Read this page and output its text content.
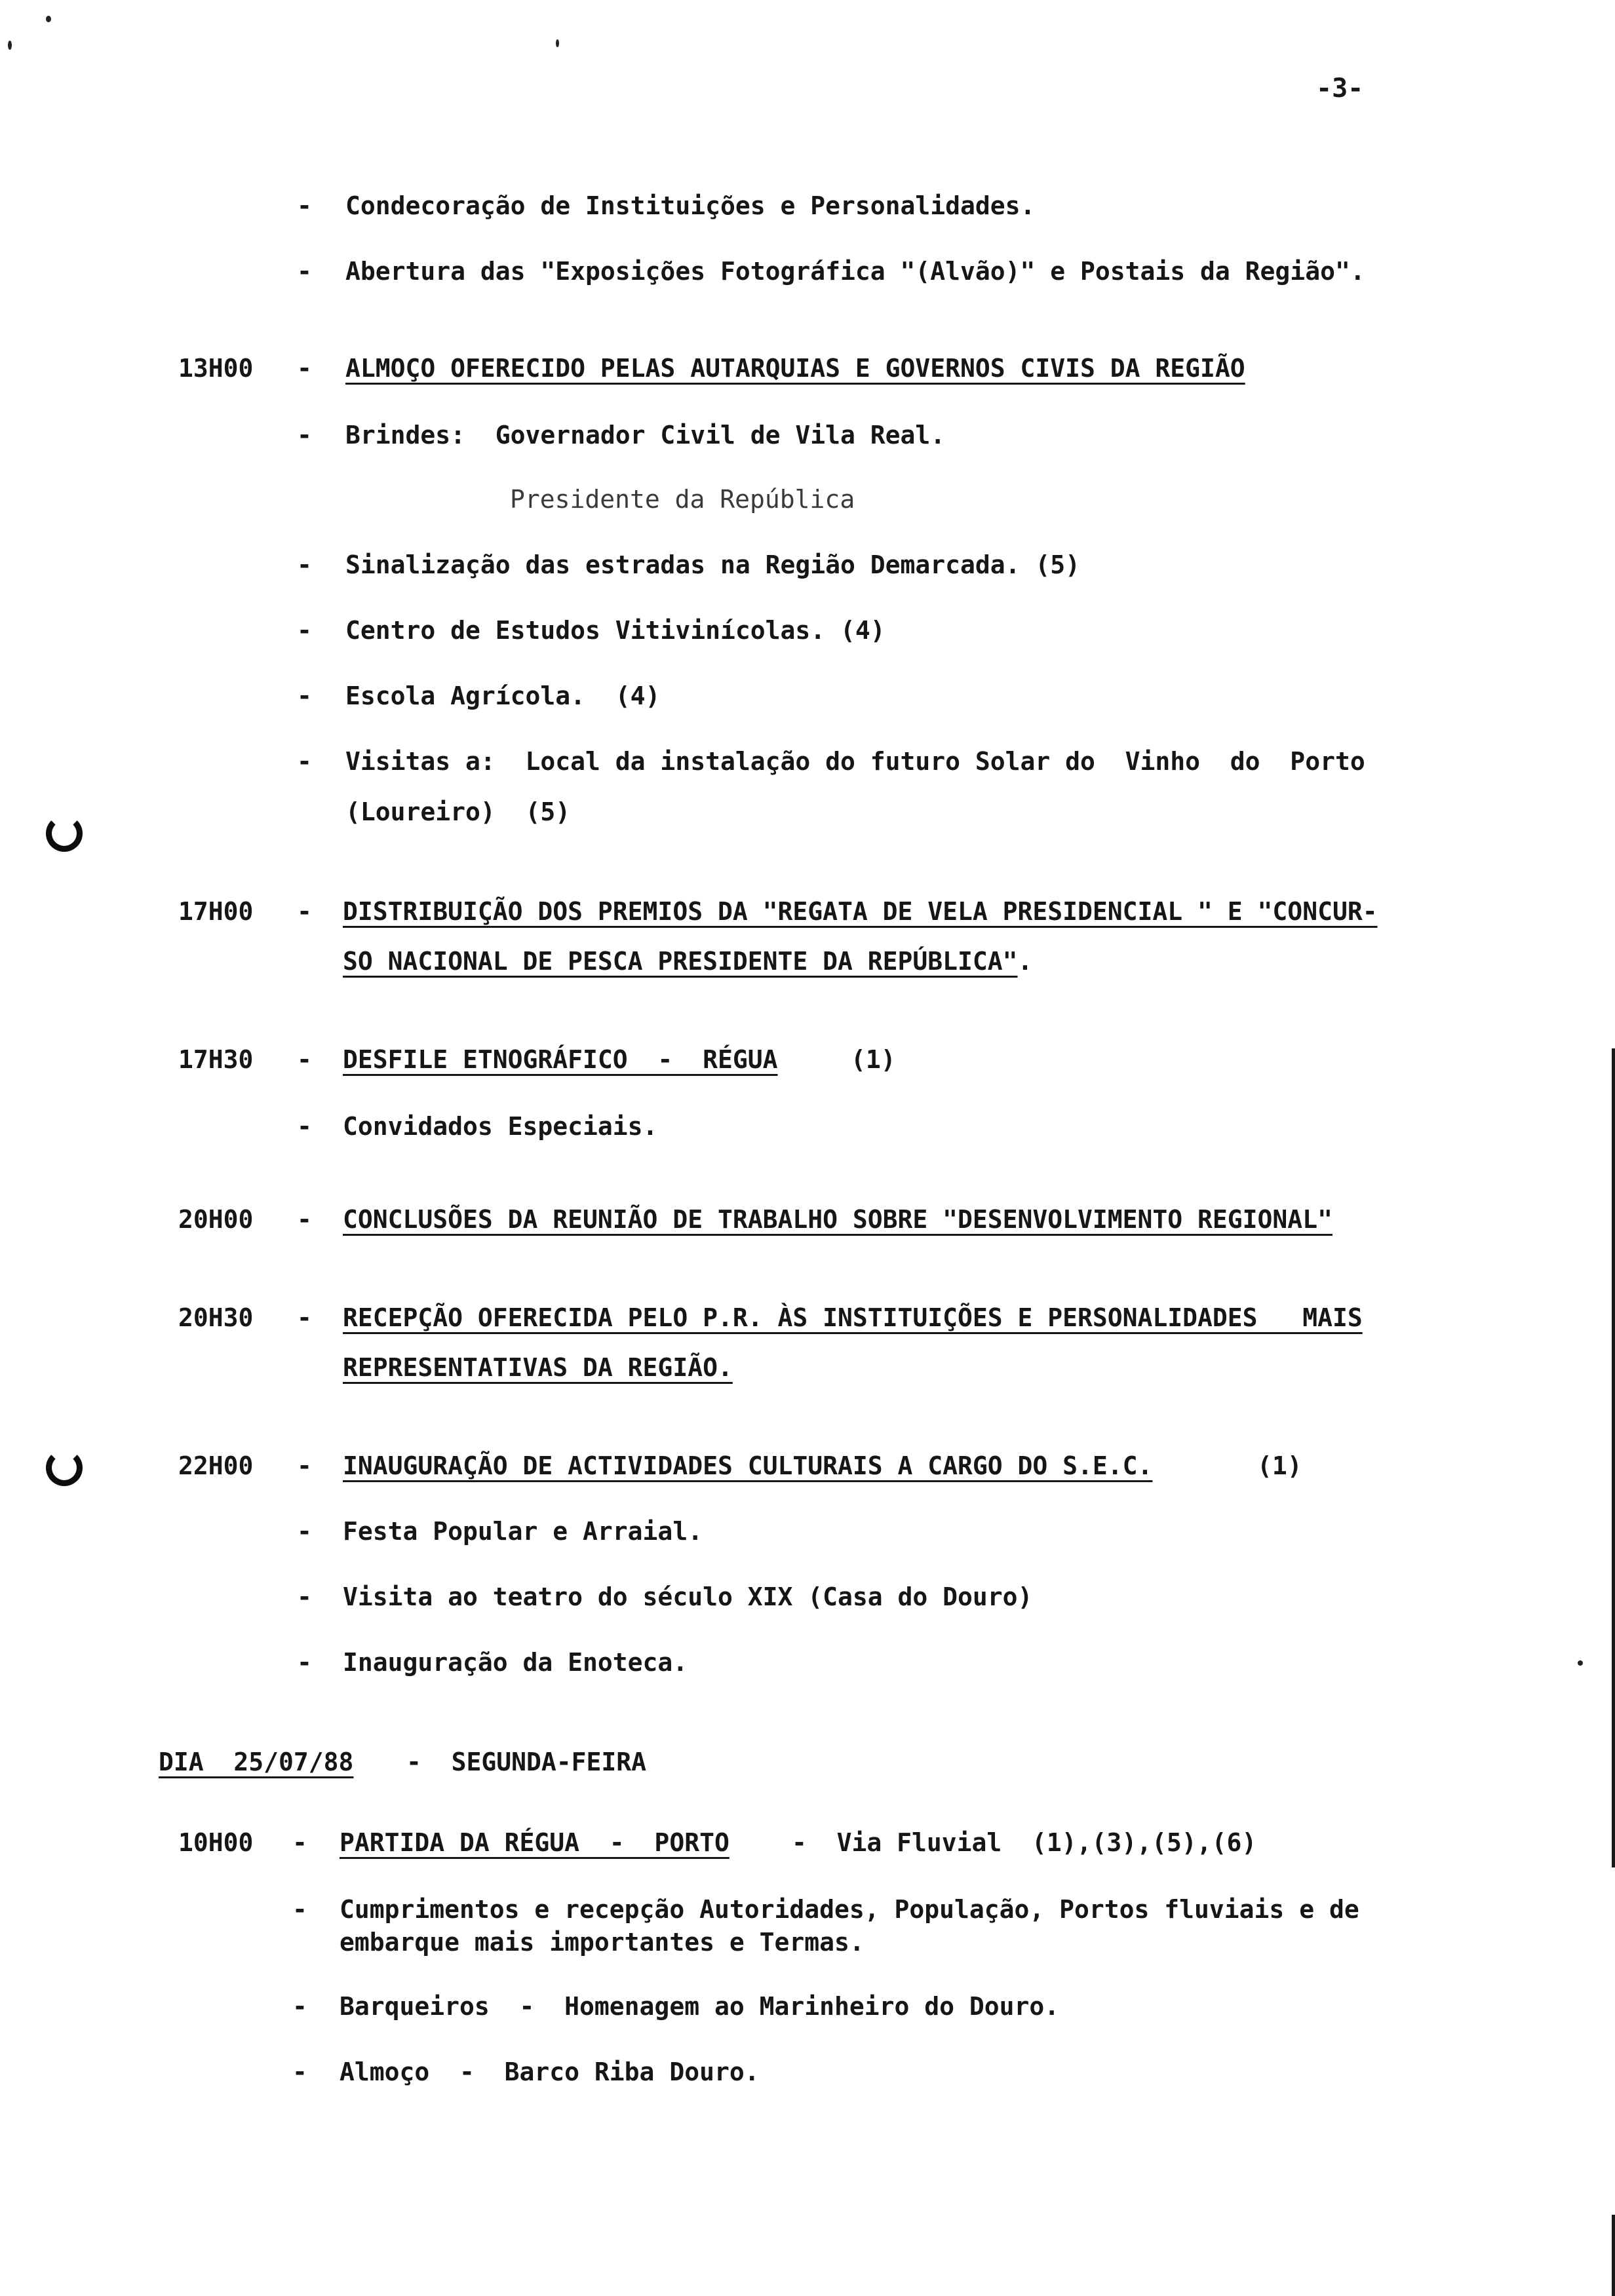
-3-
- Condecoração de Instituições e Personalidades.
- Abertura das "Exposições Fotográfica "(Alvão)" e Postais da Região".
13H00 - ALMOÇO OFERECIDO PELAS AUTARQUIAS E GOVERNOS CIVIS DA REGIÃO
- Brindes:  Governador Civil de Vila Real.
Presidente da República
- Sinalização das estradas na Região Demarcada. (5)
- Centro de Estudos Vitivinícolas. (4)
- Escola Agrícola.  (4)
- Visitas a:  Local da instalação do futuro Solar do  Vinho  do  Porto
(Loureiro)  (5)
17H00 - DISTRIBUIÇÃO DOS PREMIOS DA "REGATA DE VELA PRESIDENCIAL " E "CONCUR-
SO NACIONAL DE PESCA PRESIDENTE DA REPÚBLICA".
17H30 - DESFILE ETNOGRÁFICO  -  RÉGUA	(1)
- Convidados Especiais.
20H00 - CONCLUSÕES DA REUNIÃO DE TRABALHO SOBRE "DESENVOLVIMENTO REGIONAL"
20H30 - RECEPÇÃO OFERECIDA PELO P.R. ÀS INSTITUIÇÕES E PERSONALIDADES   MAIS
REPRESENTATIVAS DA REGIÃO.
22H00 - INAUGURAÇÃO DE ACTIVIDADES CULTURAIS A CARGO DO S.E.C.	(1)
- Festa Popular e Arraial.
- Visita ao teatro do século XIX (Casa do Douro)
- Inauguração da Enoteca.
DIA  25/07/88 -  SEGUNDA-FEIRA
10H00 - PARTIDA DA RÉGUA  -  PORTO	-  Via Fluvial  (1),(3),(5),(6)
- Cumprimentos e recepção Autoridades, População, Portos fluviais e de
embarque mais importantes e Termas.
- Barqueiros  -  Homenagem ao Marinheiro do Douro.
- Almoço  -  Barco Riba Douro.
